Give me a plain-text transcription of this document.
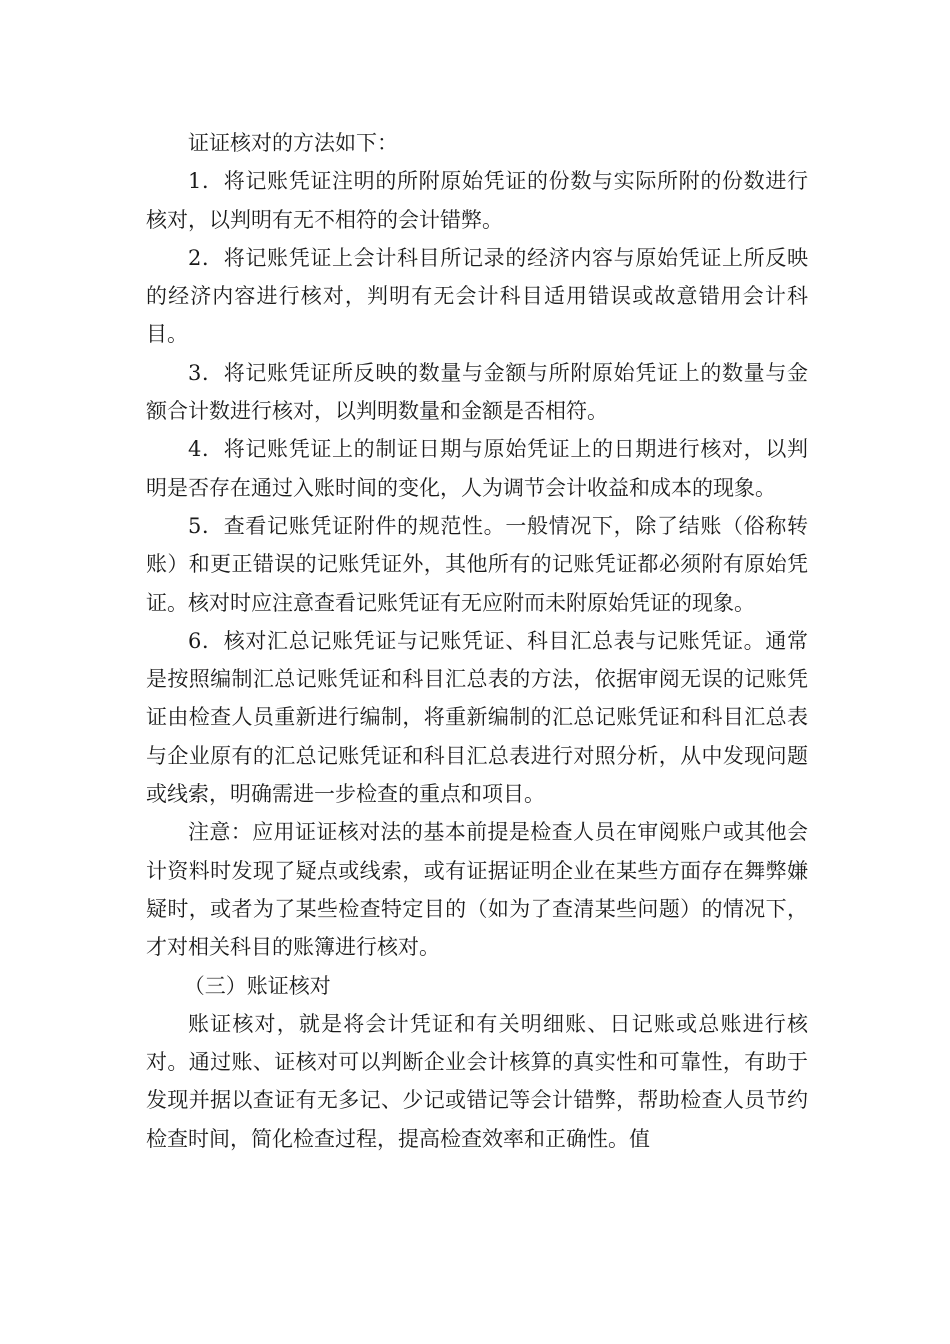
证证核对的方法如下：

1．将记账凭证注明的所附原始凭证的份数与实际所附的份数进行核对，以判明有无不相符的会计错弊。

2．将记账凭证上会计科目所记录的经济内容与原始凭证上所反映的经济内容进行核对，判明有无会计科目适用错误或故意错用会计科目。

3．将记账凭证所反映的数量与金额与所附原始凭证上的数量与金额合计数进行核对，以判明数量和金额是否相符。

4．将记账凭证上的制证日期与原始凭证上的日期进行核对，以判明是否存在通过入账时间的变化，人为调节会计收益和成本的现象。

5．查看记账凭证附件的规范性。一般情况下，除了结账（俗称转账）和更正错误的记账凭证外，其他所有的记账凭证都必须附有原始凭证。核对时应注意查看记账凭证有无应附而未附原始凭证的现象。

6．核对汇总记账凭证与记账凭证、科目汇总表与记账凭证。通常是按照编制汇总记账凭证和科目汇总表的方法，依据审阅无误的记账凭证由检查人员重新进行编制，将重新编制的汇总记账凭证和科目汇总表与企业原有的汇总记账凭证和科目汇总表进行对照分析，从中发现问题或线索，明确需进一步检查的重点和项目。

注意：应用证证核对法的基本前提是检查人员在审阅账户或其他会计资料时发现了疑点或线索，或有证据证明企业在某些方面存在舞弊嫌疑时，或者为了某些检查特定目的（如为了查清某些问题）的情况下，才对相关科目的账簿进行核对。

（三）账证核对

账证核对，就是将会计凭证和有关明细账、日记账或总账进行核对。通过账、证核对可以判断企业会计核算的真实性和可靠性，有助于发现并据以查证有无多记、少记或错记等会计错弊，帮助检查人员节约检查时间，简化检查过程，提高检查效率和正确性。值
